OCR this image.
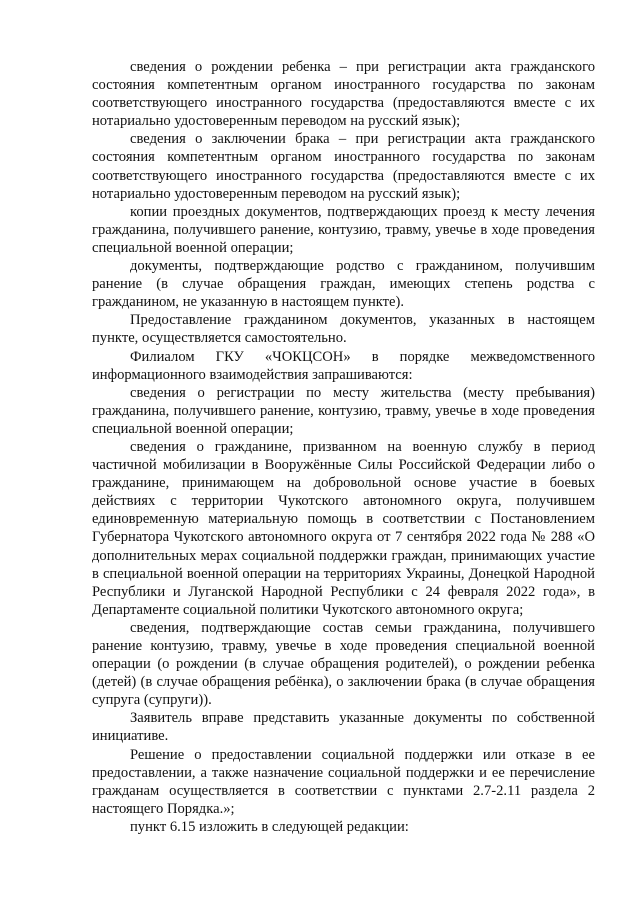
сведения о рождении ребенка – при регистрации акта гражданского состояния компетентным органом иностранного государства по законам соответствующего иностранного государства (предоставляются вместе с их нотариально удостоверенным переводом на русский язык);

сведения о заключении брака – при регистрации акта гражданского состояния компетентным органом иностранного государства по законам соответствующего иностранного государства (предоставляются вместе с их нотариально удостоверенным переводом на русский язык);

копии проездных документов, подтверждающих проезд к месту лечения гражданина, получившего ранение, контузию, травму, увечье в ходе проведения специальной военной операции;

документы, подтверждающие родство с гражданином, получившим ранение (в случае обращения граждан, имеющих степень родства с гражданином, не указанную в настоящем пункте).

Предоставление гражданином документов, указанных в настоящем пункте, осуществляется самостоятельно.

Филиалом ГКУ «ЧОКЦСОН» в порядке межведомственного информационного взаимодействия запрашиваются:

сведения о регистрации по месту жительства (месту пребывания) гражданина, получившего ранение, контузию, травму, увечье в ходе проведения специальной военной операции;

сведения о гражданине, призванном на военную службу в период частичной мобилизации в Вооружённые Силы Российской Федерации либо о гражданине, принимающем на добровольной основе участие в боевых действиях с территории Чукотского автономного округа, получившем единовременную материальную помощь в соответствии с Постановлением Губернатора Чукотского автономного округа от 7 сентября 2022 года № 288 «О дополнительных мерах социальной поддержки граждан, принимающих участие в специальной военной операции на территориях Украины, Донецкой Народной Республики и Луганской Народной Республики с 24 февраля 2022 года», в Департаменте социальной политики Чукотского автономного округа;

сведения, подтверждающие состав семьи гражданина, получившего ранение контузию, травму, увечье в ходе проведения специальной военной операции (о рождении (в случае обращения родителей), о рождении ребенка (детей) (в случае обращения ребёнка), о заключении брака (в случае обращения супруга (супруги)).

Заявитель вправе представить указанные документы по собственной инициативе.

Решение о предоставлении социальной поддержки или отказе в ее предоставлении, а также назначение социальной поддержки и ее перечисление гражданам осуществляется в соответствии с пунктами 2.7-2.11 раздела 2 настоящего Порядка.»;

пункт 6.15 изложить в следующей редакции:
